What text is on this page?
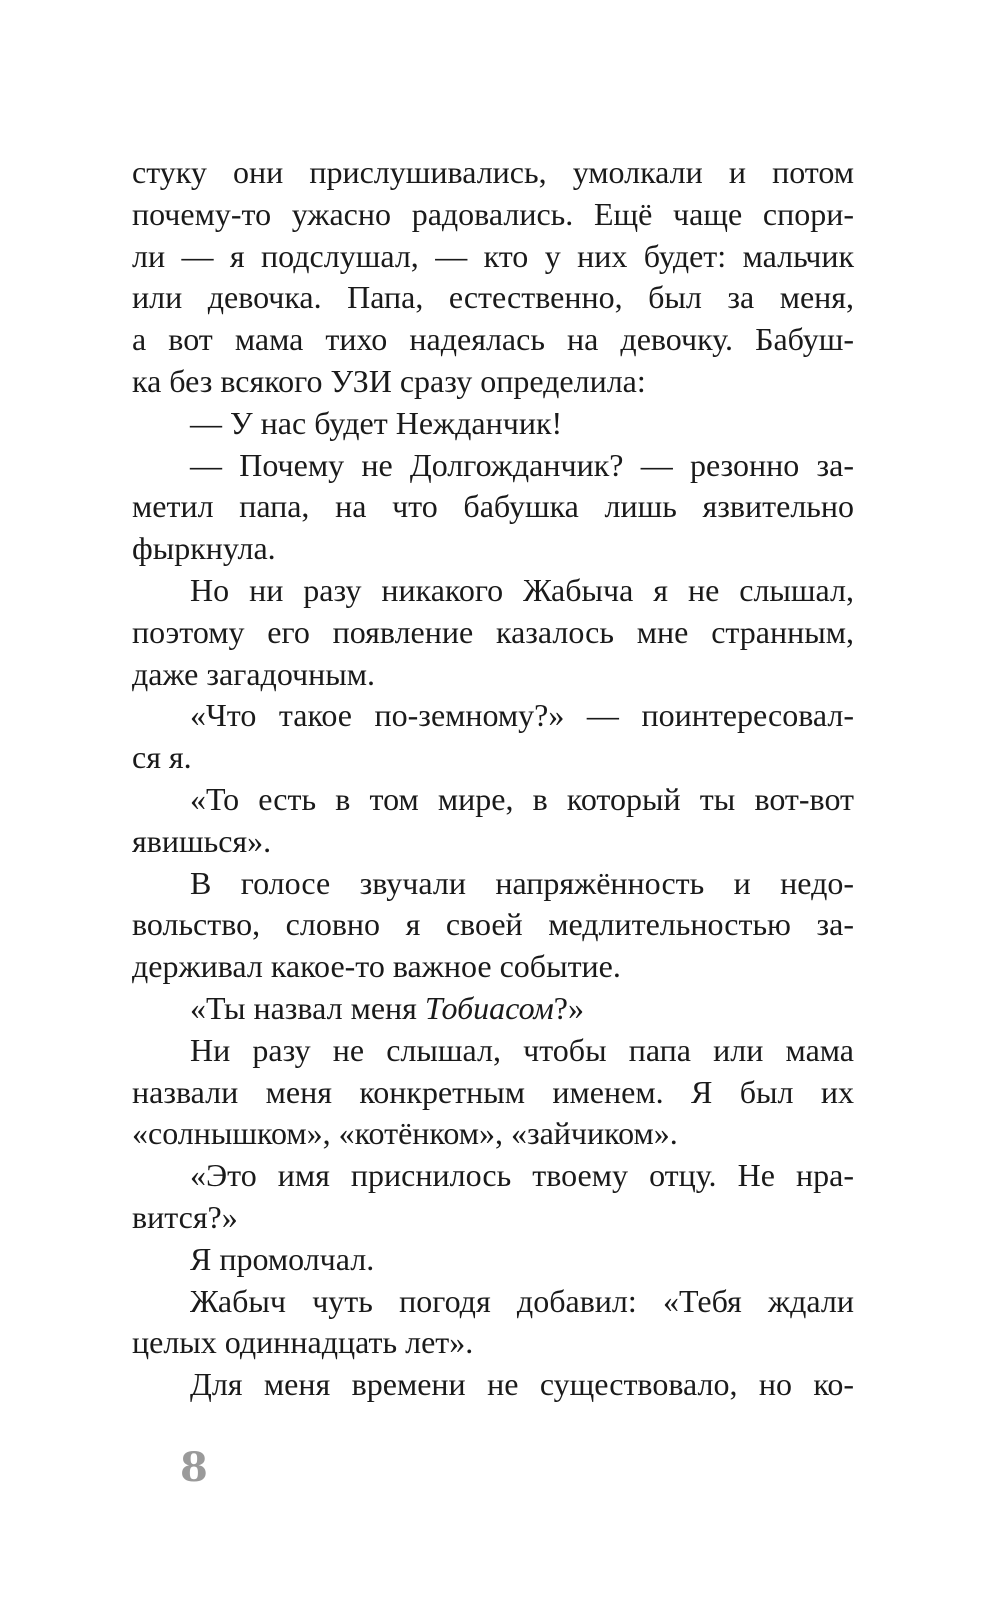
стуку они прислушивались, умолкали и потом
почему-то ужасно радовались. Ещё чаще спори-
ли — я подслушал, — кто у них будет: мальчик
или девочка. Папа, естественно, был за меня,
а вот мама тихо надеялась на девочку. Бабуш-
ка без всякого УЗИ сразу определила:
— У нас будет Нежданчик!
— Почему не Долгожданчик? — резонно за-
метил папа, на что бабушка лишь язвительно
фыркнула.
Но ни разу никакого Жабыча я не слышал,
поэтому его появление казалось мне странным,
даже загадочным.
«Что такое по-земному?» — поинтересовал-
ся я.
«То есть в том мире, в который ты вот-вот
явишься».
В голосе звучали напряжённость и недо-
вольство, словно я своей медлительностью за-
держивал какое-то важное событие.
«Ты назвал меня Тобиасом?»
Ни разу не слышал, чтобы папа или мама
назвали меня конкретным именем. Я был их
«солнышком», «котёнком», «зайчиком».
«Это имя приснилось твоему отцу. Не нра-
вится?»
Я промолчал.
Жабыч чуть погодя добавил: «Тебя ждали
целых одиннадцать лет».
Для меня времени не существовало, но ко-
8
